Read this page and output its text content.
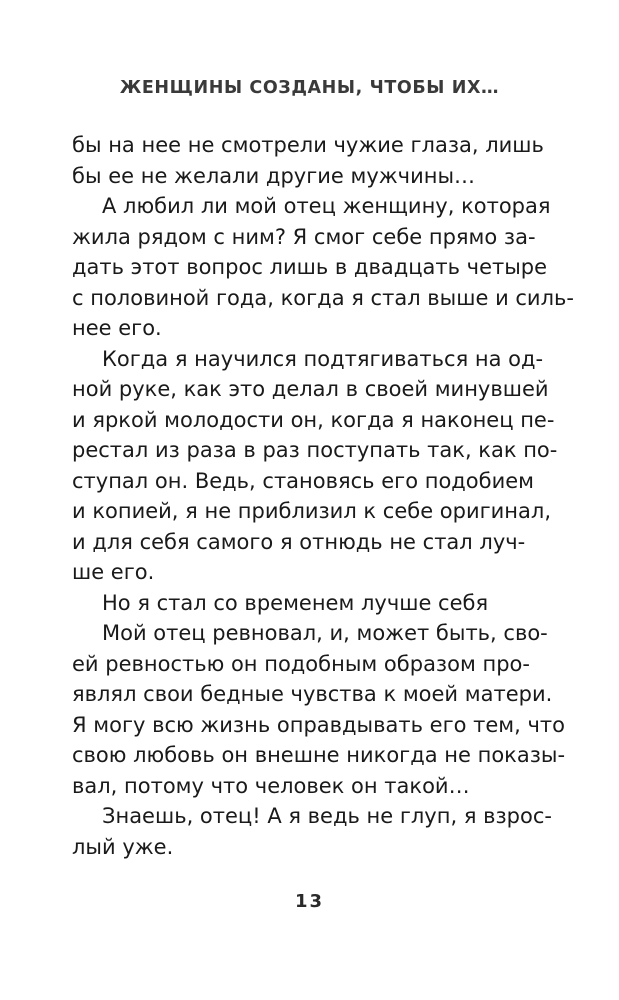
ЖЕНЩИНЫ СОЗДАНЫ, ЧТОБЫ ИХ…
бы на нее не смотрели чужие глаза, лишь
бы ее не желали другие мужчины…
А любил ли мой отец женщину, которая
жила рядом с ним? Я смог себе прямо за-
дать этот вопрос лишь в двадцать четыре
с половиной года, когда я стал выше и силь-
нее его.
Когда я научился подтягиваться на од-
ной руке, как это делал в своей минувшей
и яркой молодости он, когда я наконец пе-
рестал из раза в раз поступать так, как по-
ступал он. Ведь, становясь его подобием
и копией, я не приблизил к себе оригинал,
и для себя самого я отнюдь не стал луч-
ше его.
Но я стал со временем лучше себя
Мой отец ревновал, и, может быть, сво-
ей ревностью он подобным образом про-
являл свои бедные чувства к моей матери.
Я могу всю жизнь оправдывать его тем, что
свою любовь он внешне никогда не показы-
вал, потому что человек он такой…
Знаешь, отец! А я ведь не глуп, я взрос-
лый уже.
13
